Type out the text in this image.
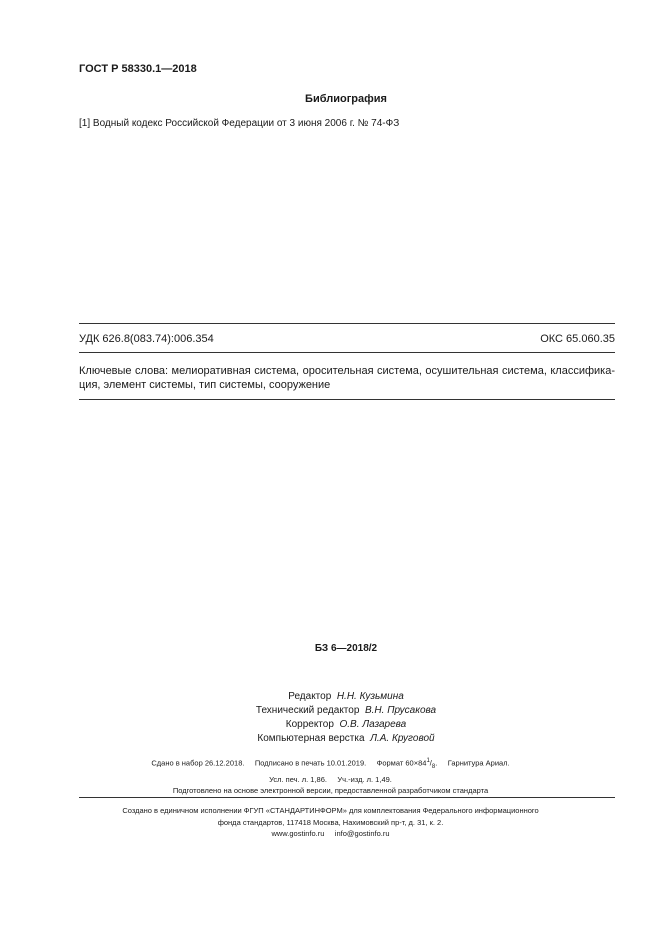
ГОСТ Р 58330.1—2018
Библиография
[1] Водный кодекс Российской Федерации от 3 июня 2006 г. № 74-ФЗ
УДК 626.8(083.74):006.354	ОКС 65.060.35
Ключевые слова: мелиоративная система, оросительная система, осушительная система, классифика-
ция, элемент системы, тип системы, сооружение
БЗ 6—2018/2
Редактор Н.Н. Кузьмина
Технический редактор В.Н. Прусакова
Корректор О.В. Лазарева
Компьютерная верстка Л.А. Круговой
Сдано в набор 26.12.2018.     Подписано в печать 10.01.2019.     Формат $60\times 84^1/_8$.     Гарнитура Ариал.
Усл. печ. л. 1,86.     Уч.-изд. л. 1,49.
Подготовлено на основе электронной версии, предоставленной разработчиком стандарта
Создано в единичном исполнении ФГУП «СТАНДАРТИНФОРМ» для комплектования Федерального информационного
фонда стандартов, 117418 Москва, Нахимовский пр-т, д. 31, к. 2.
www.gostinfo.ru     info@gostinfo.ru
